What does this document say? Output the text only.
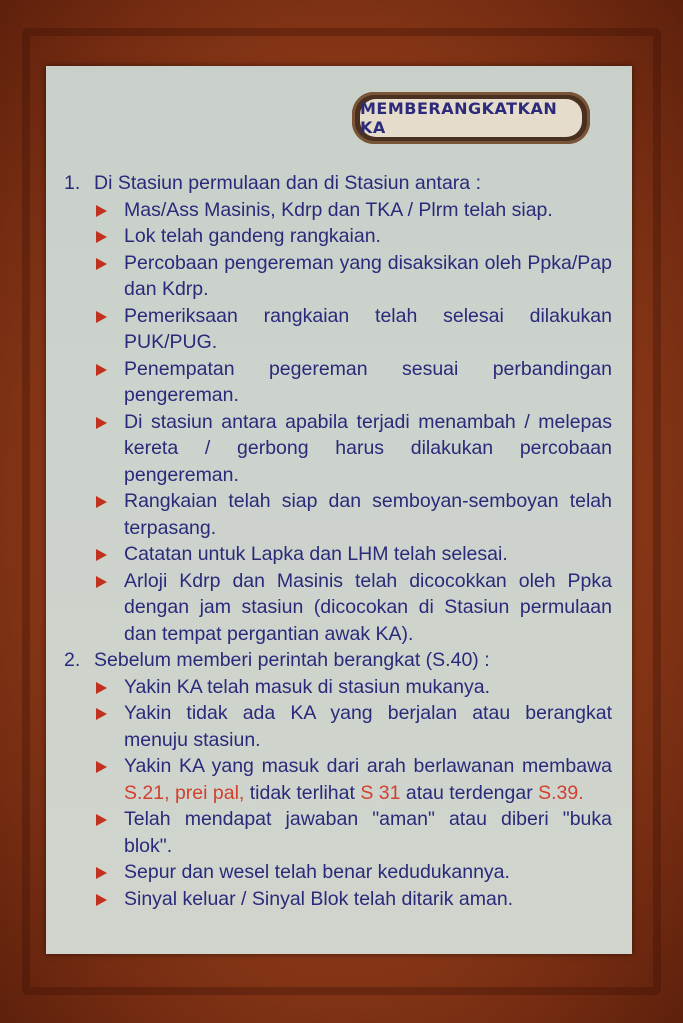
MEMBERANGKATKAN KA
1. Di Stasiun permulaan dan di Stasiun antara :
Mas/Ass Masinis, Kdrp dan TKA / Plrm telah siap.
Lok telah gandeng rangkaian.
Percobaan pengereman yang disaksikan oleh Ppka/Pap dan Kdrp.
Pemeriksaan rangkaian telah selesai dilakukan PUK/PUG.
Penempatan pegereman sesuai perbandingan pengereman.
Di stasiun antara apabila terjadi menambah / melepas kereta / gerbong harus dilakukan percobaan pengereman.
Rangkaian telah siap dan semboyan-semboyan telah terpasang.
Catatan untuk Lapka dan LHM telah selesai.
Arloji Kdrp dan Masinis telah dicocokkan oleh Ppka dengan jam stasiun (dicocokan di Stasiun permulaan dan tempat pergantian awak KA).
2. Sebelum memberi perintah berangkat (S.40) :
Yakin KA telah masuk di stasiun mukanya.
Yakin tidak ada KA yang berjalan atau berangkat menuju stasiun.
Yakin KA yang masuk dari arah berlawanan membawa S.21, prei pal, tidak terlihat S 31 atau terdengar S.39.
Telah mendapat jawaban "aman" atau diberi "buka blok".
Sepur dan wesel telah benar kedudukannya.
Sinyal keluar / Sinyal Blok telah ditarik aman.
